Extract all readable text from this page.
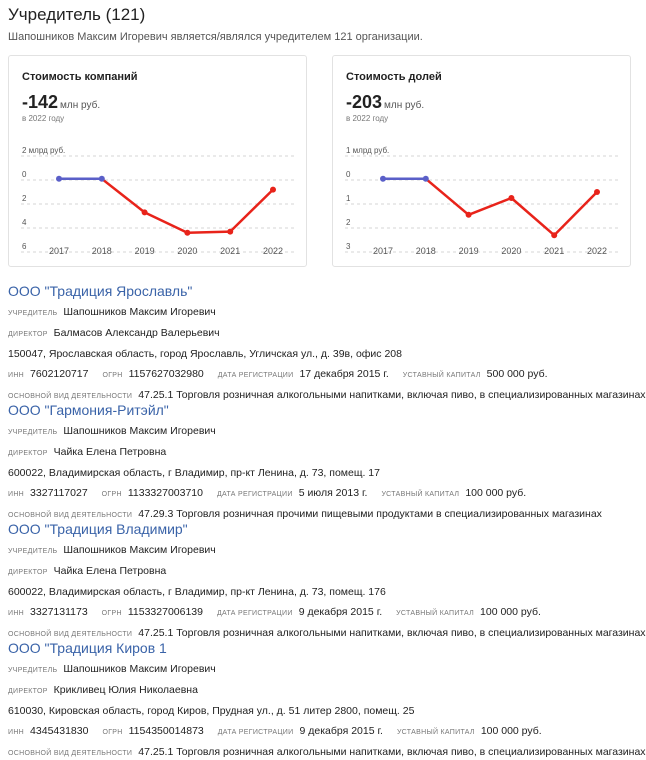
Учредитель (121)
Шапошников Максим Игоревич является/являлся учредителем 121 организации.
Стоимость компаний
-142 млн руб.
в 2022 году
2 млрд руб.
0
2
4
6	2017	2018	2019	2020	2021	2022
Стоимость долей
-203 млн руб.
в 2022 году
1 млрд руб.
0
1
2
3	2017	2018	2019	2020	2021	2022
ООО "Традиция Ярославль"
УЧРЕДИТЕЛЬ Шапошников Максим Игоревич
ДИРЕКТОР Балмасов Александр Валерьевич
150047, Ярославская область, город Ярославль, Угличская ул., д. 39в, офис 208
ИНН 7602120717 ОГРН 1157627032980 ДАТА РЕГИСТРАЦИИ 17 декабря 2015 г. УСТАВНЫЙ КАПИТАЛ 500 000 руб.
ОСНОВНОЙ ВИД ДЕЯТЕЛЬНОСТИ 47.25.1 Торговля розничная алкогольными напитками, включая пиво, в специализированных магазинах
ООО "Гармония-Ритэйл"
УЧРЕДИТЕЛЬ Шапошников Максим Игоревич
ДИРЕКТОР Чайка Елена Петровна
600022, Владимирская область, г Владимир, пр-кт Ленина, д. 73, помещ. 17
ИНН 3327117027 ОГРН 1133327003710 ДАТА РЕГИСТРАЦИИ 5 июля 2013 г. УСТАВНЫЙ КАПИТАЛ 100 000 руб.
ОСНОВНОЙ ВИД ДЕЯТЕЛЬНОСТИ 47.29.3 Торговля розничная прочими пищевыми продуктами в специализированных магазинах
ООО "Традиция Владимир"
УЧРЕДИТЕЛЬ Шапошников Максим Игоревич
ДИРЕКТОР Чайка Елена Петровна
600022, Владимирская область, г Владимир, пр-кт Ленина, д. 73, помещ. 176
ИНН 3327131173 ОГРН 1153327006139 ДАТА РЕГИСТРАЦИИ 9 декабря 2015 г. УСТАВНЫЙ КАПИТАЛ 100 000 руб.
ОСНОВНОЙ ВИД ДЕЯТЕЛЬНОСТИ 47.25.1 Торговля розничная алкогольными напитками, включая пиво, в специализированных магазинах
ООО "Традиция Киров 1
УЧРЕДИТЕЛЬ Шапошников Максим Игоревич
ДИРЕКТОР Крикливец Юлия Николаевна
610030, Кировская область, город Киров, Прудная ул., д. 51 литер 2800, помещ. 25
ИНН 4345431830 ОГРН 1154350014873 ДАТА РЕГИСТРАЦИИ 9 декабря 2015 г. УСТАВНЫЙ КАПИТАЛ 100 000 руб.
ОСНОВНОЙ ВИД ДЕЯТЕЛЬНОСТИ 47.25.1 Торговля розничная алкогольными напитками, включая пиво, в специализированных магазинах
